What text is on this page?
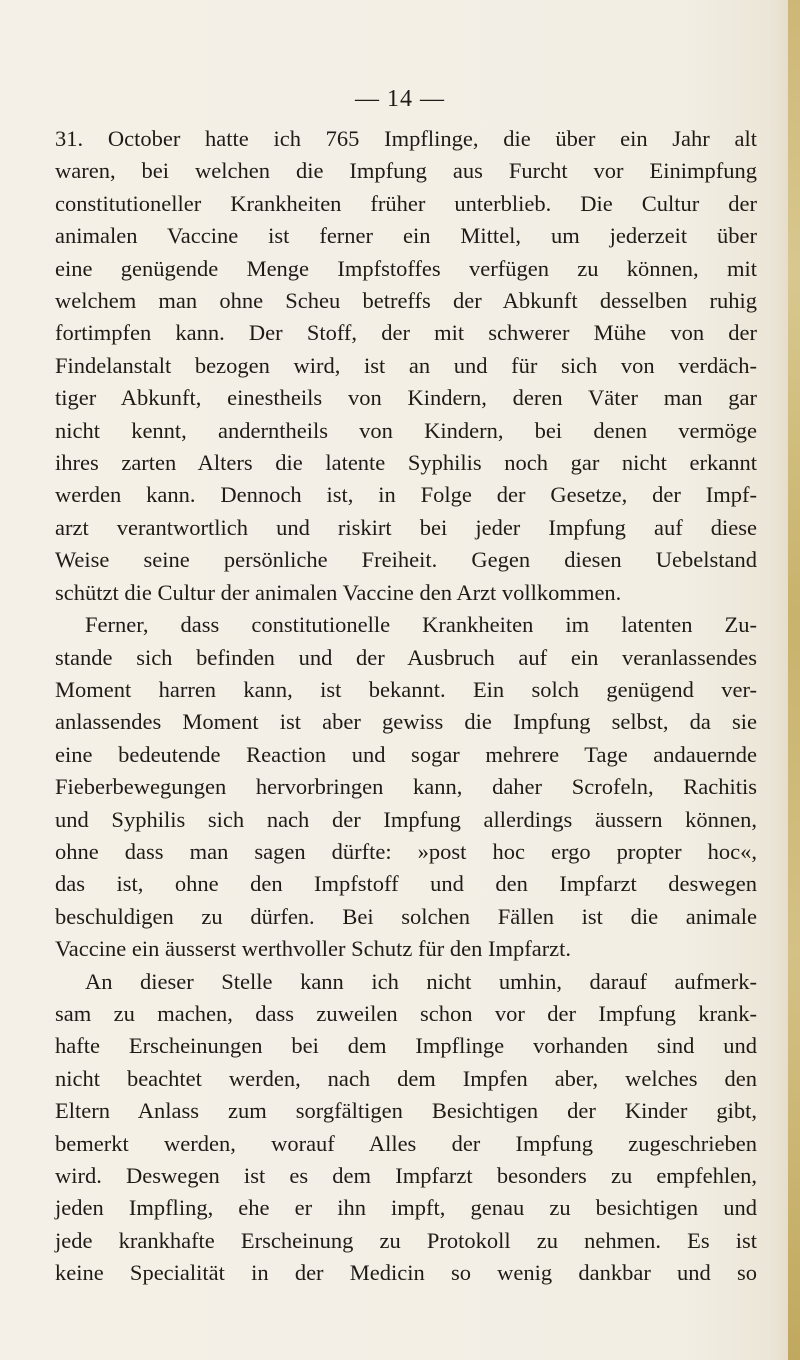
— 14 —
31. October hatte ich 765 Impflinge, die über ein Jahr alt
waren, bei welchen die Impfung aus Furcht vor Einimpfung
constitutioneller Krankheiten früher unterblieb. Die Cultur der
animalen Vaccine ist ferner ein Mittel, um jederzeit über
eine genügende Menge Impfstoffes verfügen zu können, mit
welchem man ohne Scheu betreffs der Abkunft desselben ruhig
fortimpfen kann. Der Stoff, der mit schwerer Mühe von der
Findelanstalt bezogen wird, ist an und für sich von verdäch-
tiger Abkunft, einestheils von Kindern, deren Väter man gar
nicht kennt, anderntheils von Kindern, bei denen vermöge
ihres zarten Alters die latente Syphilis noch gar nicht erkannt
werden kann. Dennoch ist, in Folge der Gesetze, der Impf-
arzt verantwortlich und riskirt bei jeder Impfung auf diese
Weise seine persönliche Freiheit. Gegen diesen Uebelstand
schützt die Cultur der animalen Vaccine den Arzt vollkommen.
Ferner, dass constitutionelle Krankheiten im latenten Zu-
stande sich befinden und der Ausbruch auf ein veranlassendes
Moment harren kann, ist bekannt. Ein solch genügend ver-
anlassendes Moment ist aber gewiss die Impfung selbst, da sie
eine bedeutende Reaction und sogar mehrere Tage andauernde
Fieberbewegungen hervorbringen kann, daher Scrofeln, Rachitis
und Syphilis sich nach der Impfung allerdings äussern können,
ohne dass man sagen dürfte: »post hoc ergo propter hoc«,
das ist, ohne den Impfstoff und den Impfarzt deswegen
beschuldigen zu dürfen. Bei solchen Fällen ist die animale
Vaccine ein äusserst werthvoller Schutz für den Impfarzt.
An dieser Stelle kann ich nicht umhin, darauf aufmerk-
sam zu machen, dass zuweilen schon vor der Impfung krank-
hafte Erscheinungen bei dem Impflinge vorhanden sind und
nicht beachtet werden, nach dem Impfen aber, welches den
Eltern Anlass zum sorgfältigen Besichtigen der Kinder gibt,
bemerkt werden, worauf Alles der Impfung zugeschrieben
wird. Deswegen ist es dem Impfarzt besonders zu empfehlen,
jeden Impfling, ehe er ihn impft, genau zu besichtigen und
jede krankhafte Erscheinung zu Protokoll zu nehmen. Es ist
keine Specialität in der Medicin so wenig dankbar und so
